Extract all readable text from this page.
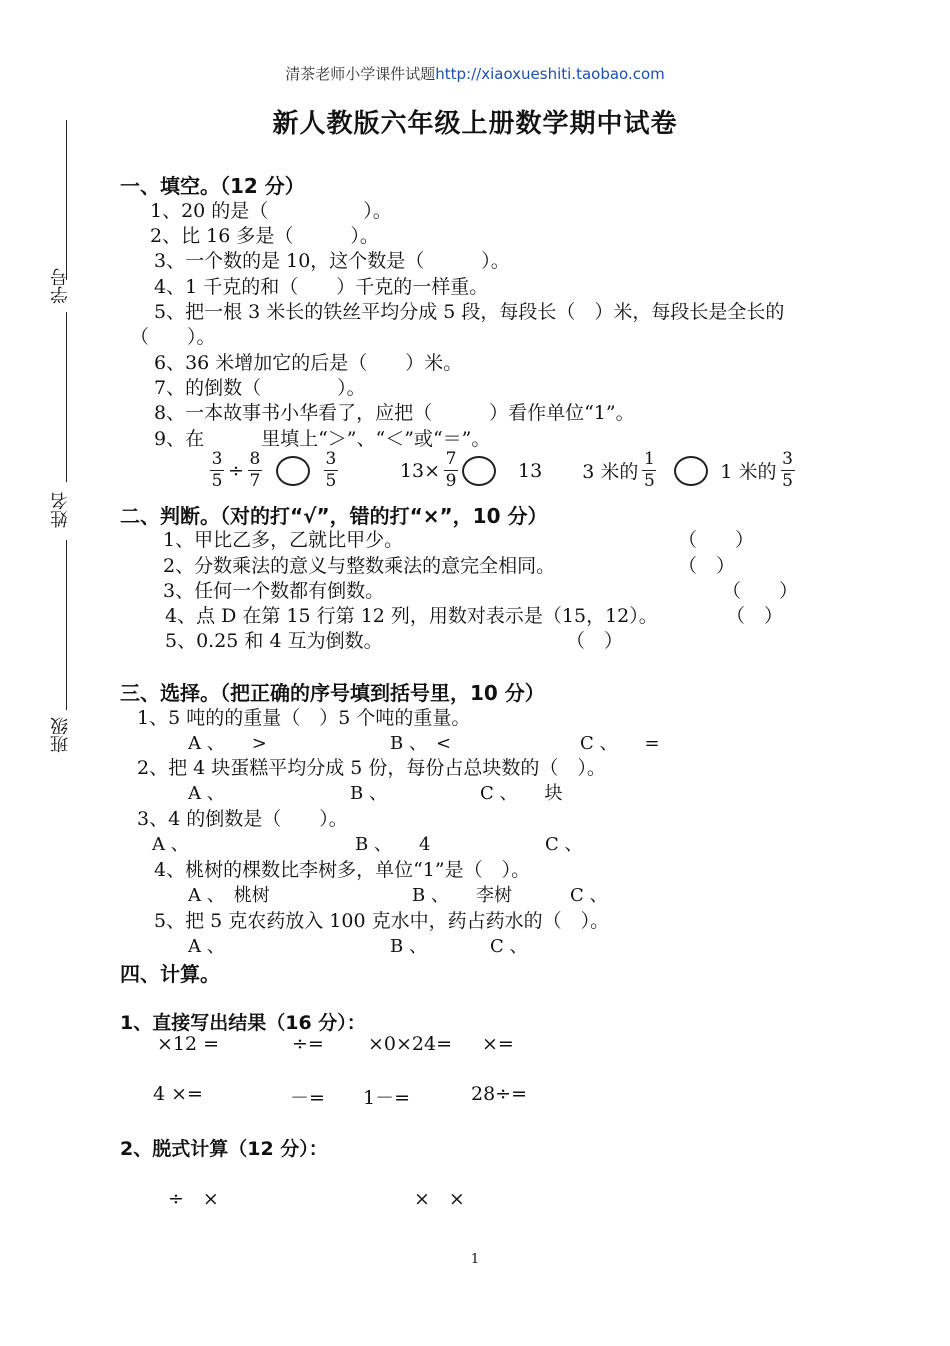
清茶老师小学课件试题http://xiaoxueshiti.taobao.com
新人教版六年级上册数学期中试卷
学号
姓名
班级
一、填空。（12 分）
1、20 的是（　　　　　）。
2、比 16 多是（　　　）。
3、一个数的是 10，这个数是（　　　）。
4、1 千克的和（　　）千克的一样重。
5、把一根 3 米长的铁丝平均分成 5 段，每段长（　）米，每段长是全长的
（　　）。
6、36 米增加它的后是（　　）米。
7、的倒数（　　　　）。
8、一本故事书小华看了，应把（　　　）看作单位“1”。
9、在　　　里填上“＞”、“＜”或“＝”。
$\frac{3}{5} \div \frac{8}{7}$	$\frac{3}{5}$	$13\times \frac{7}{9}$	13 3 米的 $\frac{1}{5}$	1 米的 $\frac{3}{5}$
二、判断。（对的打“√”，错的打“×”，10 分）
1、甲比乙多，乙就比甲少。	（　　）
2、分数乘法的意义与整数乘法的意完全相同。	（　）
3、任何一个数都有倒数。	（　　）
4、点 D 在第 15 行第 12 列，用数对表示是（15，12）。	（　）
5、0.25 和 4 互为倒数。	（　）
三、选择。（把正确的序号填到括号里，10 分）
1、5 吨的的重量（　）5 个吨的重量。
A 、　　>	B 、　<	C 、　　=
2、把 4 块蛋糕平均分成 5 份，每份占总块数的（　）。
A 、	B 、	C 、　　块
3、4 的倒数是（　　）。
A 、	B 、　　4	C 、
4、桃树的棵数比李树多，单位“1”是（　）。
A 、　桃树	B 、　　李树	C 、
5、把 5 克农药放入 100 克水中，药占药水的（　）。
A 、	B 、	C 、
四、计算。
1、直接写出结果（16 分）：
×12 =	÷= ×0×24= ×=
4 ×=	－= 1－=	28÷=
2、脱式计算（12 分）：
÷　×	×　×
1
